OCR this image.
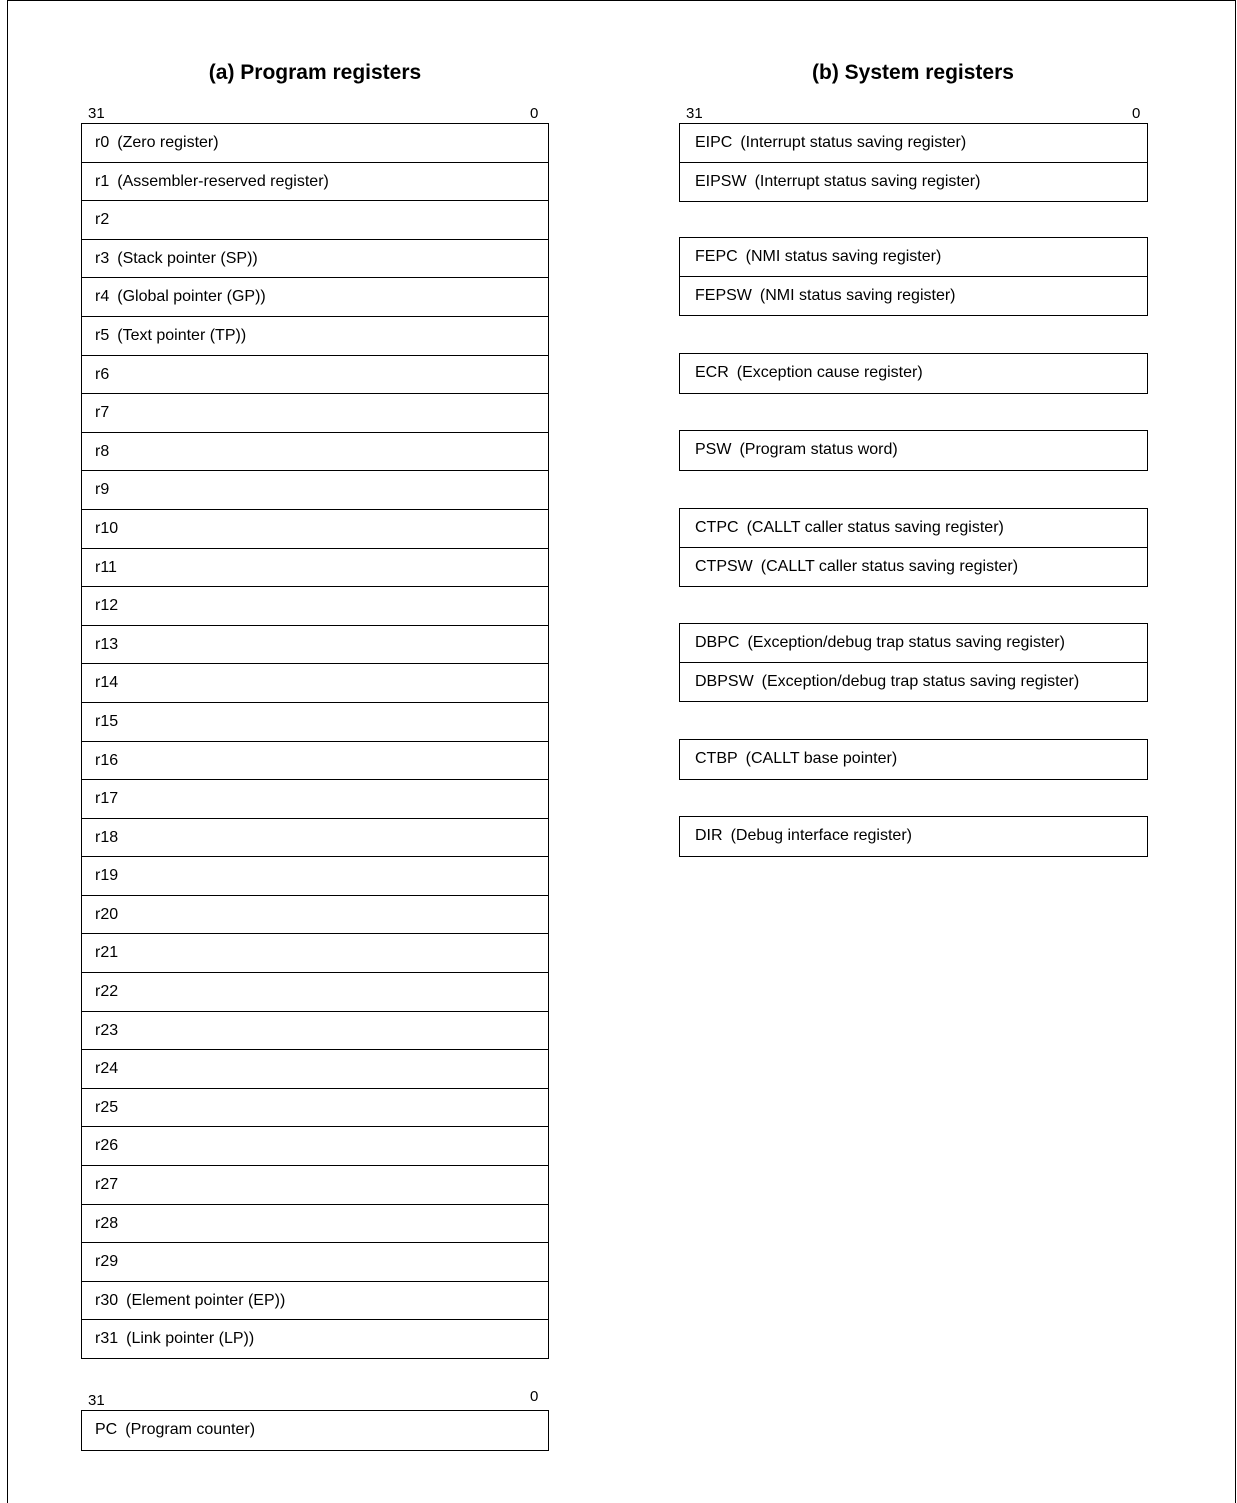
(a) Program registers
31	0
r0 (Zero register)
r1 (Assembler-reserved register)
r2
r3 (Stack pointer (SP))
r4 (Global pointer (GP))
r5 (Text pointer (TP))
r6
r7
r8
r9
r10
r11
r12
r13
r14
r15
r16
r17
r18
r19
r20
r21
r22
r23
r24
r25
r26
r27
r28
r29
r30 (Element pointer (EP))
r31 (Link pointer (LP))
31	0
PC (Program counter)
(b) System registers
31	0
EIPC (Interrupt status saving register)
EIPSW (Interrupt status saving register)
FEPC (NMI status saving register)
FEPSW (NMI status saving register)
ECR (Exception cause register)
PSW (Program status word)
CTPC (CALLT caller status saving register)
CTPSW (CALLT caller status saving register)
DBPC (Exception/debug trap status saving register)
DBPSW (Exception/debug trap status saving register)
CTBP (CALLT base pointer)
DIR (Debug interface register)
